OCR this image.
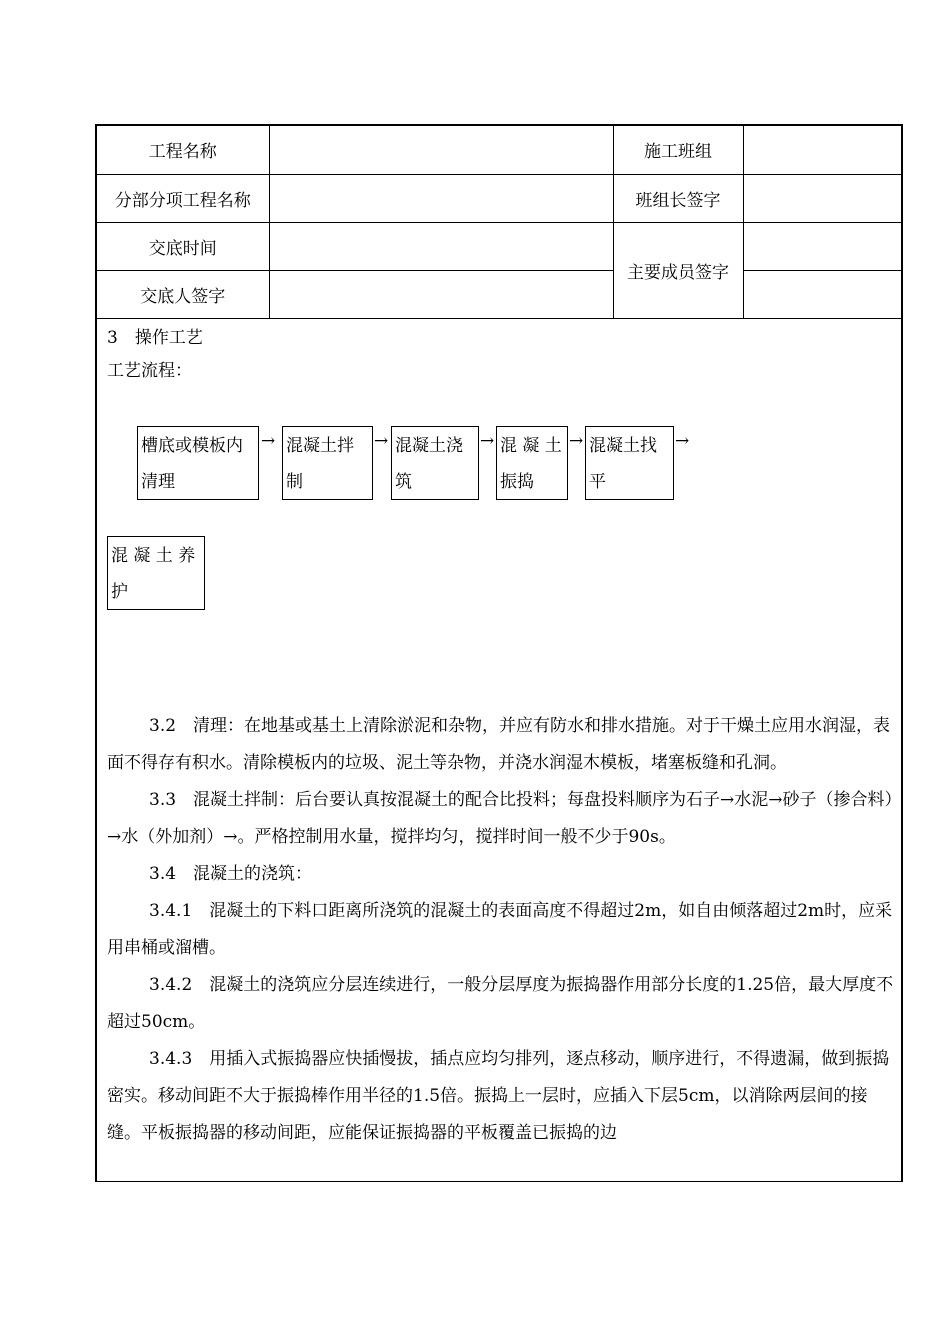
工程名称		施工班组	
分部分项工程名称		班组长签字	
交底时间		主要成员签字	
交底人签字			
3　操作工艺
工艺流程：
槽底或模板内
清理
→ 混凝土拌
制
→ 混凝土浇
筑
→ 混 凝 土
振捣
→ 混凝土找
平
→
混 凝 土 养
护

3.2　清理：在地基或基土上清除淤泥和杂物，并应有防水和排水措施。对于干燥土应用水润湿，表面不得存有积水。清除模板内的垃圾、泥土等杂物，并浇水润湿木模板，堵塞板缝和孔洞。

3.3　混凝土拌制：后台要认真按混凝土的配合比投料；每盘投料顺序为石子→水泥→砂子（掺合料）→水（外加剂）→。严格控制用水量，搅拌均匀，搅拌时间一般不少于90s。

3.4　混凝土的浇筑：

3.4.1　混凝土的下料口距离所浇筑的混凝土的表面高度不得超过2m，如自由倾落超过2m时，应采用串桶或溜槽。

3.4.2　混凝土的浇筑应分层连续进行，一般分层厚度为振捣器作用部分长度的1.25倍，最大厚度不超过50cm。

3.4.3　用插入式振捣器应快插慢拔，插点应均匀排列，逐点移动，顺序进行，不得遗漏，做到振捣密实。移动间距不大于振捣棒作用半径的1.5倍。振捣上一层时，应插入下层5cm，以消除两层间的接缝。平板振捣器的移动间距，应能保证振捣器的平板覆盖已振捣的边
